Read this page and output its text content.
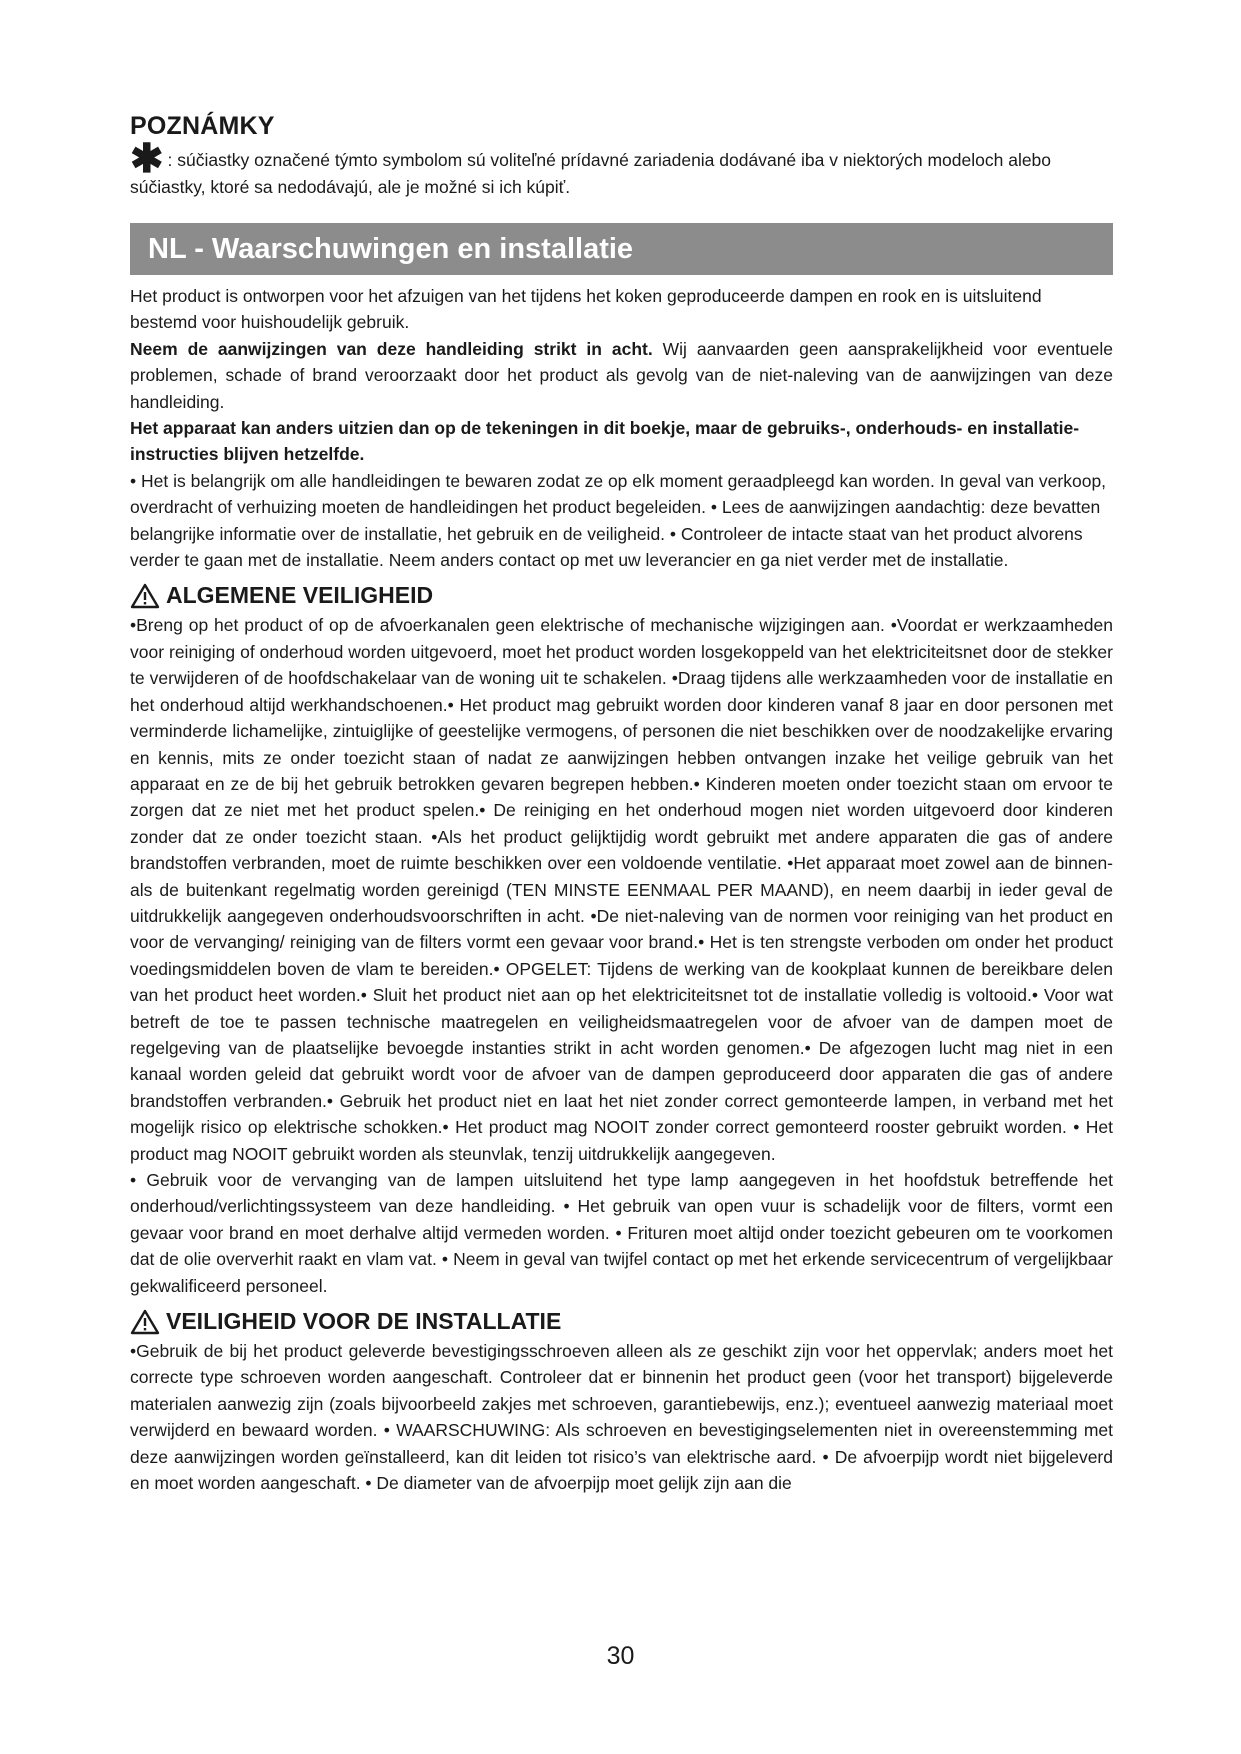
POZNÁMKY

✱ : súčiastky označené týmto symbolom sú voliteľné prídavné zariadenia dodávané iba v niektorých modeloch alebo

súčiastky, ktoré sa nedodávajú, ale je možné si ich kúpiť.

NL - Waarschuwingen en installatie

Het product is ontworpen voor het afzuigen van het tijdens het koken geproduceerde dampen en rook en is uitsluitend bestemd voor huishoudelijk gebruik.

Neem de aanwijzingen van deze handleiding strikt in acht. Wij aanvaarden geen aansprakelijkheid voor eventuele problemen, schade of brand veroorzaakt door het product als gevolg van de niet-naleving van de aanwijzingen van deze handleiding.

Het apparaat kan anders uitzien dan op de tekeningen in dit boekje, maar de gebruiks-, onderhouds- en installatie-instructies blijven hetzelfde.

• Het is belangrijk om alle handleidingen te bewaren zodat ze op elk moment geraadpleegd kan worden. In geval van verkoop, overdracht of verhuizing moeten de handleidingen het product begeleiden. • Lees de aanwijzingen aandachtig: deze bevatten belangrijke informatie over de installatie, het gebruik en de veiligheid. • Controleer de intacte staat van het product alvorens verder te gaan met de installatie. Neem anders contact op met uw leverancier en ga niet verder met de installatie.

ALGEMENE VEILIGHEID

•Breng op het product of op de afvoerkanalen geen elektrische of mechanische wijzigingen aan. •Voordat er werkzaamheden voor reiniging of onderhoud worden uitgevoerd, moet het product worden losgekoppeld van het elektriciteitsnet door de stekker te verwijderen of de hoofdschakelaar van de woning uit te schakelen. •Draag tijdens alle werkzaamheden voor de installatie en het onderhoud altijd werkhandschoenen.• Het product mag gebruikt worden door kinderen vanaf 8 jaar en door personen met verminderde lichamelijke, zintuiglijke of geestelijke vermogens, of personen die niet beschikken over de noodzakelijke ervaring en kennis, mits ze onder toezicht staan of nadat ze aanwijzingen hebben ontvangen inzake het veilige gebruik van het apparaat en ze de bij het gebruik betrokken gevaren begrepen hebben.• Kinderen moeten onder toezicht staan om ervoor te zorgen dat ze niet met het product spelen.• De reiniging en het onderhoud mogen niet worden uitgevoerd door kinderen zonder dat ze onder toezicht staan. •Als het product gelijktijdig wordt gebruikt met andere apparaten die gas of andere brandstoffen verbranden, moet de ruimte beschikken over een voldoende ventilatie. •Het apparaat moet zowel aan de binnen- als de buitenkant regelmatig worden gereinigd (TEN MINSTE EENMAAL PER MAAND), en neem daarbij in ieder geval de uitdrukkelijk aangegeven onderhoudsvoorschriften in acht. •De niet-naleving van de normen voor reiniging van het product en voor de vervanging/ reiniging van de filters vormt een gevaar voor brand.• Het is ten strengste verboden om onder het product voedingsmiddelen boven de vlam te bereiden.• OPGELET: Tijdens de werking van de kookplaat kunnen de bereikbare delen van het product heet worden.• Sluit het product niet aan op het elektriciteitsnet tot de installatie volledig is voltooid.• Voor wat betreft de toe te passen technische maatregelen en veiligheidsmaatregelen voor de afvoer van de dampen moet de regelgeving van de plaatselijke bevoegde instanties strikt in acht worden genomen.• De afgezogen lucht mag niet in een kanaal worden geleid dat gebruikt wordt voor de afvoer van de dampen geproduceerd door apparaten die gas of andere brandstoffen verbranden.• Gebruik het product niet en laat het niet zonder correct gemonteerde lampen, in verband met het mogelijk risico op elektrische schokken.• Het product mag NOOIT zonder correct gemonteerd rooster gebruikt worden. • Het product mag NOOIT gebruikt worden als steunvlak, tenzij uitdrukkelijk aangegeven.

• Gebruik voor de vervanging van de lampen uitsluitend het type lamp aangegeven in het hoofdstuk betreffende het onderhoud/verlichtingssysteem van deze handleiding. • Het gebruik van open vuur is schadelijk voor de filters, vormt een gevaar voor brand en moet derhalve altijd vermeden worden. • Frituren moet altijd onder toezicht gebeuren om te voorkomen dat de olie oververhit raakt en vlam vat. • Neem in geval van twijfel contact op met het erkende servicecentrum of vergelijkbaar gekwalificeerd personeel.

VEILIGHEID VOOR DE INSTALLATIE

•Gebruik de bij het product geleverde bevestigingsschroeven alleen als ze geschikt zijn voor het oppervlak; anders moet het correcte type schroeven worden aangeschaft. Controleer dat er binnenin het product geen (voor het transport) bijgeleverde materialen aanwezig zijn (zoals bijvoorbeeld zakjes met schroeven, garantiebewijs, enz.); eventueel aanwezig materiaal moet verwijderd en bewaard worden. • WAARSCHUWING: Als schroeven en bevestigingselementen niet in overeenstemming met deze aanwijzingen worden geïnstalleerd, kan dit leiden tot risico’s van elektrische aard. • De afvoerpijp wordt niet bijgeleverd en moet worden aangeschaft. • De diameter van de afvoerpijp moet gelijk zijn aan die

30
